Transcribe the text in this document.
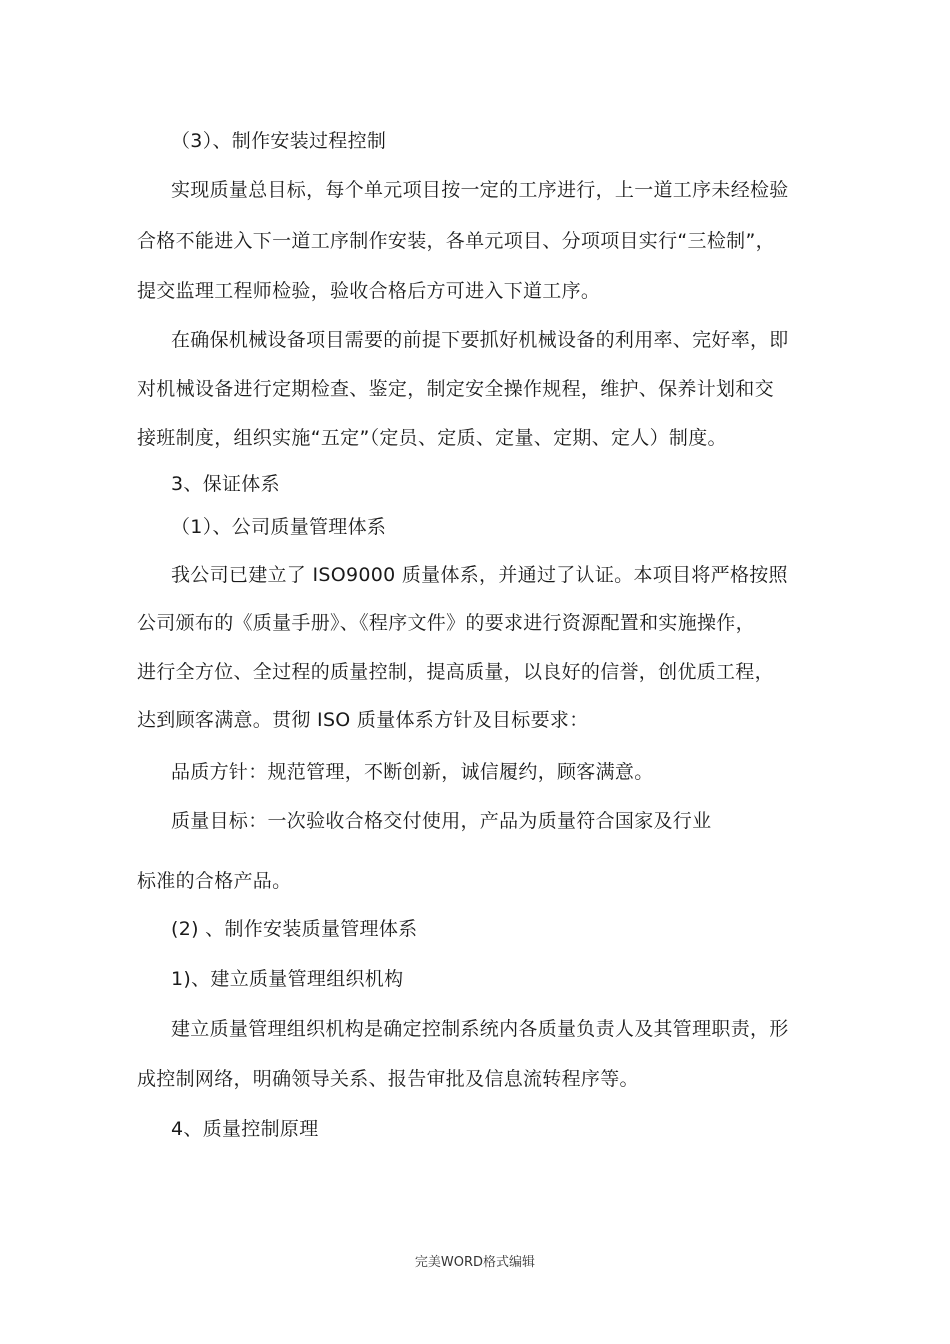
（3）、制作安装过程控制
实现质量总目标，每个单元项目按一定的工序进行，上一道工序未经检验
合格不能进入下一道工序制作安装，各单元项目、分项项目实行“三检制”，
提交监理工程师检验，验收合格后方可进入下道工序。
在确保机械设备项目需要的前提下要抓好机械设备的利用率、完好率，即
对机械设备进行定期检查、鉴定，制定安全操作规程，维护、保养计划和交
接班制度，组织实施“五定”（定员、定质、定量、定期、定人）制度。
3、保证体系
（1）、公司质量管理体系
我公司已建立了 ISO9000 质量体系，并通过了认证。本项目将严格按照
公司颁布的《质量手册》、《程序文件》的要求进行资源配置和实施操作，
进行全方位、全过程的质量控制，提高质量，以良好的信誉，创优质工程，
达到顾客满意。贯彻 ISO 质量体系方针及目标要求：
品质方针：规范管理，不断创新，诚信履约，顾客满意。
质量目标：一次验收合格交付使用，产品为质量符合国家及行业
标准的合格产品。
(2) 、制作安装质量管理体系
1)、建立质量管理组织机构
建立质量管理组织机构是确定控制系统内各质量负责人及其管理职责，形
成控制网络，明确领导关系、报告审批及信息流转程序等。
4、质量控制原理
完美WORD格式编辑
